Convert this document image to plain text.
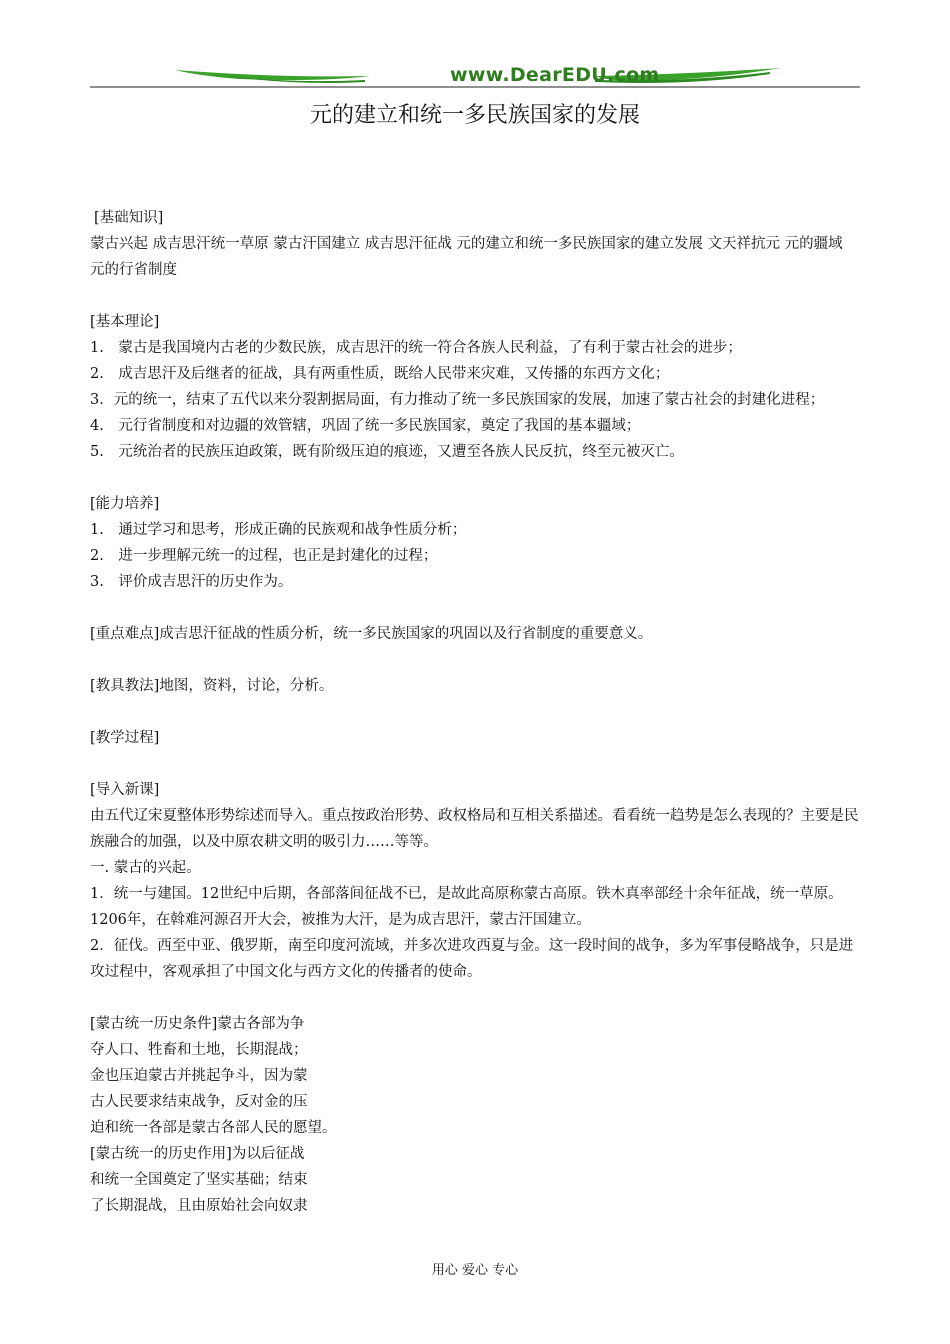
www.DearEDU.com
元的建立和统一多民族国家的发展

[基础知识]

蒙古兴起 成吉思汗统一草原 蒙古汗国建立 成吉思汗征战 元的建立和统一多民族国家的建立发展 文天祥抗元 元的疆域 元的行省制度

[基本理论]

1.　蒙古是我国境内古老的少数民族，成吉思汗的统一符合各族人民利益，了有利于蒙古社会的进步；

2.　成吉思汗及后继者的征战，具有两重性质，既给人民带来灾难，又传播的东西方文化；

3．元的统一，结束了五代以来分裂割据局面，有力推动了统一多民族国家的发展，加速了蒙古社会的封建化进程；

4.　元行省制度和对边疆的效管辖，巩固了统一多民族国家，奠定了我国的基本疆域；

5.　元统治者的民族压迫政策，既有阶级压迫的痕迹，又遭至各族人民反抗，终至元被灭亡。

[能力培养]

1.　通过学习和思考，形成正确的民族观和战争性质分析；

2.　进一步理解元统一的过程，也正是封建化的过程；

3.　评价成吉思汗的历史作为。

[重点难点]成吉思汗征战的性质分析，统一多民族国家的巩固以及行省制度的重要意义。

[教具教法]地图，资料，讨论，分析。

[教学过程]

[导入新课]

由五代辽宋夏整体形势综述而导入。重点按政治形势、政权格局和互相关系描述。看看统一趋势是怎么表现的？主要是民族融合的加强，以及中原农耕文明的吸引力……等等。

一. 蒙古的兴起。

1．统一与建国。12世纪中后期，各部落间征战不已，是故此高原称蒙古高原。铁木真率部经十余年征战，统一草原。1206年，在斡难河源召开大会，被推为大汗，是为成吉思汗，蒙古汗国建立。

2．征伐。西至中亚、俄罗斯，南至印度河流域，并多次进攻西夏与金。这一段时间的战争，多为军事侵略战争，只是进攻过程中，客观承担了中国文化与西方文化的传播者的使命。

[蒙古统一历史条件]蒙古各部为争

夺人口、牲畜和土地，长期混战；

金也压迫蒙古并挑起争斗，因为蒙

古人民要求结束战争，反对金的压

迫和统一各部是蒙古各部人民的愿望。

[蒙古统一的历史作用]为以后征战

和统一全国奠定了坚实基础；结束

了长期混战，且由原始社会向奴隶

用心 爱心 专心
